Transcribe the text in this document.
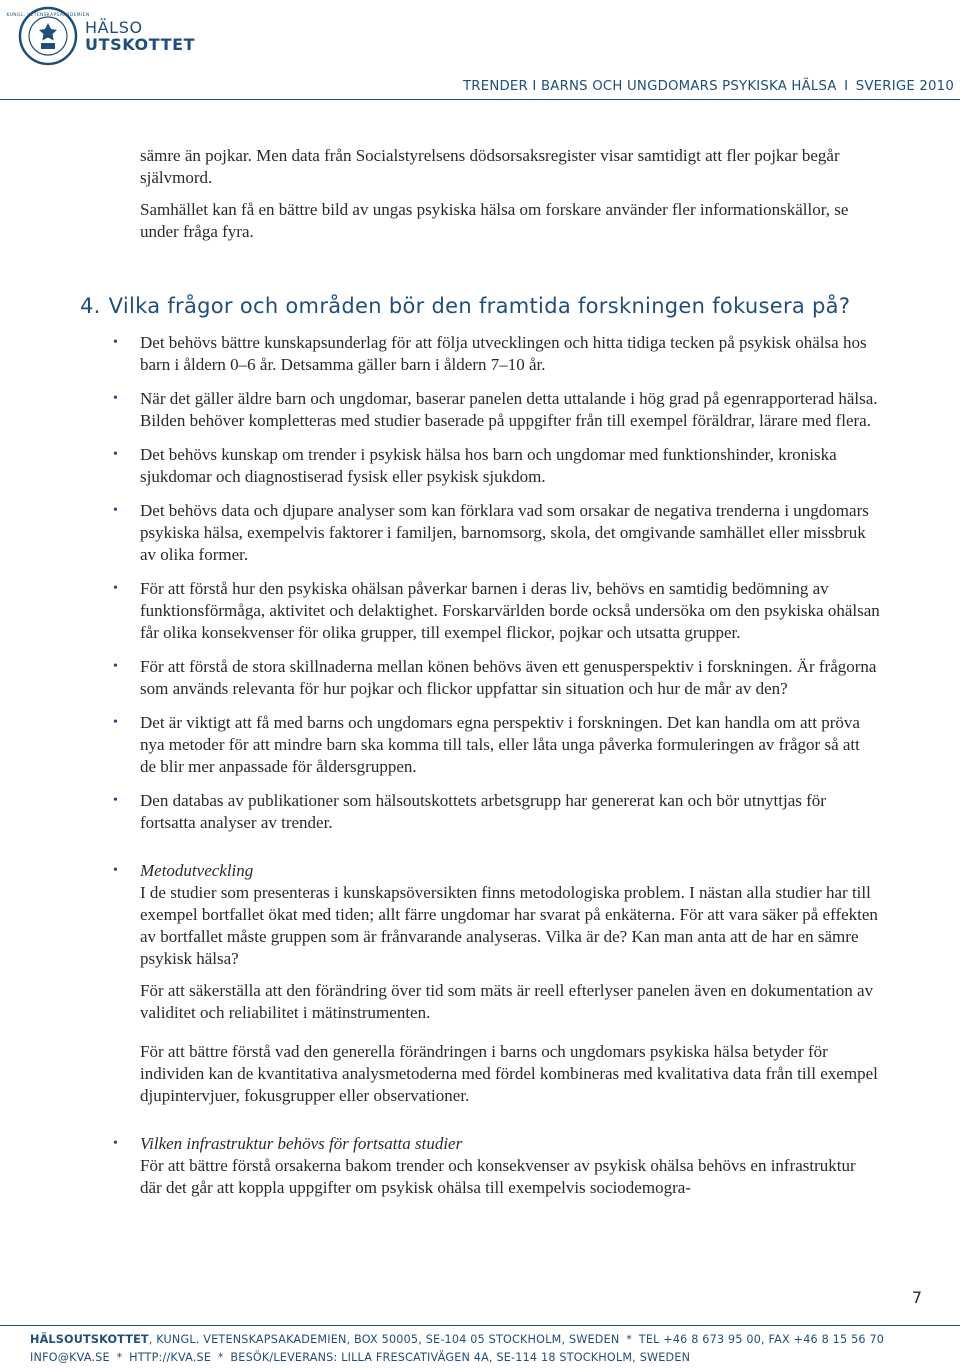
KUNGL. VETENSKAPSAKADEMIEN
HÄLSO
UTSKOTTET
TRENDER I BARNS OCH UNGDOMARS PSYKISKA HÄLSA I SVERIGE 2010

sämre än pojkar. Men data från Socialstyrelsens dödsorsaksregister visar samtidigt att fler pojkar begår självmord.

Samhället kan få en bättre bild av ungas psykiska hälsa om forskare använder fler informationskällor, se under fråga fyra.

4. Vilka frågor och områden bör den framtida forskningen fokusera på?
• Det behövs bättre kunskapsunderlag för att följa utvecklingen och hitta tidiga tecken på psykisk ohälsa hos barn i åldern 0–6 år. Detsamma gäller barn i åldern 7–10 år.
• När det gäller äldre barn och ungdomar, baserar panelen detta uttalande i hög grad på egenrapporterad hälsa. Bilden behöver kompletteras med studier baserade på uppgifter från till exempel föräldrar, lärare med flera.
• Det behövs kunskap om trender i psykisk hälsa hos barn och ungdomar med funktionshinder, kroniska sjukdomar och diagnostiserad fysisk eller psykisk sjukdom.
• Det behövs data och djupare analyser som kan förklara vad som orsakar de negativa trenderna i ungdomars psykiska hälsa, exempelvis faktorer i familjen, barnomsorg, skola, det omgivande samhället eller missbruk av olika former.
• För att förstå hur den psykiska ohälsan påverkar barnen i deras liv, behövs en samtidig bedömning av funktionsförmåga, aktivitet och delaktighet. Forskarvärlden borde också undersöka om den psykiska ohälsan får olika konsekvenser för olika grupper, till exempel flickor, pojkar och utsatta grupper.
• För att förstå de stora skillnaderna mellan könen behövs även ett genusperspektiv i forskningen. Är frågorna som används relevanta för hur pojkar och flickor uppfattar sin situation och hur de mår av den?
• Det är viktigt att få med barns och ungdomars egna perspektiv i forskningen. Det kan handla om att pröva nya metoder för att mindre barn ska komma till tals, eller låta unga påverka formuleringen av frågor så att de blir mer anpassade för åldersgruppen.
• Den databas av publikationer som hälsoutskottets arbetsgrupp har genererat kan och bör utnyttjas för fortsatta analyser av trender.
• Metodutveckling

I de studier som presenteras i kunskapsöversikten finns metodologiska problem. I nästan alla studier har till exempel bortfallet ökat med tiden; allt färre ungdomar har svarat på enkäterna. För att vara säker på effekten av bortfallet måste gruppen som är frånvarande analyseras. Vilka är de? Kan man anta att de har en sämre psykisk hälsa?

För att säkerställa att den förändring över tid som mäts är reell efterlyser panelen även en dokumentation av validitet och reliabilitet i mätinstrumenten.

För att bättre förstå vad den generella förändringen i barns och ungdomars psykiska hälsa betyder för individen kan de kvantitativa analysmetoderna med fördel kombineras med kvalitativa data från till exempel djupintervjuer, fokusgrupper eller observationer.

• Vilken infrastruktur behövs för fortsatta studier

För att bättre förstå orsakerna bakom trender och konsekvenser av psykisk ohälsa behövs en infrastruktur där det går att koppla uppgifter om psykisk ohälsa till exempelvis sociodemogra-

7
HÄLSOUTSKOTTET, KUNGL. VETENSKAPSAKADEMIEN, BOX 50005, SE-104 05 STOCKHOLM, SWEDEN * TEL +46 8 673 95 00, FAX +46 8 15 56 70
INFO@KVA.SE * HTTP://KVA.SE * BESÖK/LEVERANS: LILLA FRESCATIVÄGEN 4A, SE-114 18 STOCKHOLM, SWEDEN
